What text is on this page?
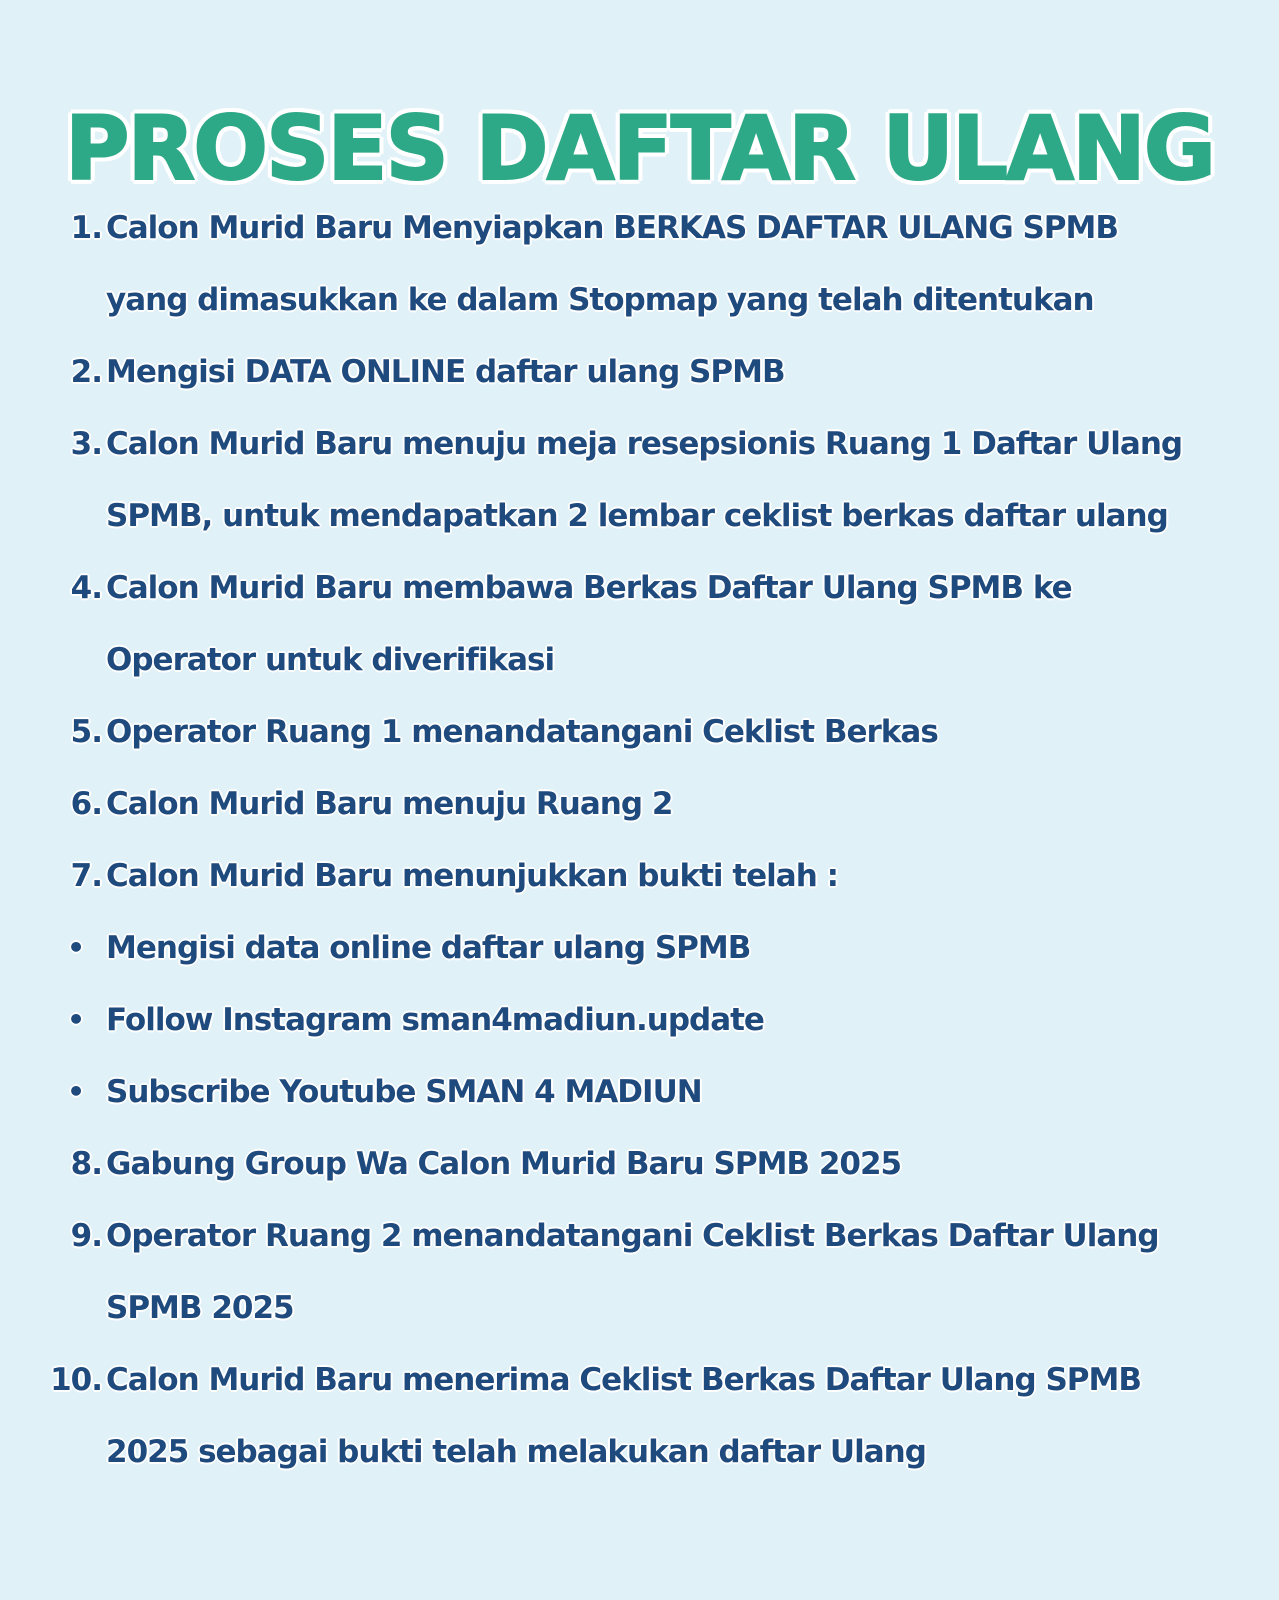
PROSES DAFTAR ULANG
1. Calon Murid Baru Menyiapkan BERKAS DAFTAR ULANG SPMB yang dimasukkan ke dalam Stopmap yang telah ditentukan
2. Mengisi DATA ONLINE daftar ulang SPMB
3. Calon Murid Baru menuju meja resepsionis Ruang 1 Daftar Ulang SPMB, untuk mendapatkan 2 lembar ceklist berkas daftar ulang
4. Calon Murid Baru membawa Berkas Daftar Ulang SPMB ke Operator untuk diverifikasi
5. Operator Ruang 1 menandatangani Ceklist Berkas
6. Calon Murid Baru menuju Ruang 2
7. Calon Murid Baru menunjukkan bukti telah :
• Mengisi data online daftar ulang SPMB
• Follow Instagram sman4madiun.update
• Subscribe Youtube SMAN 4 MADIUN
8. Gabung Group Wa Calon Murid Baru SPMB 2025
9. Operator Ruang 2 menandatangani Ceklist Berkas Daftar Ulang SPMB 2025
10. Calon Murid Baru menerima Ceklist Berkas Daftar Ulang SPMB 2025 sebagai bukti telah melakukan daftar Ulang
